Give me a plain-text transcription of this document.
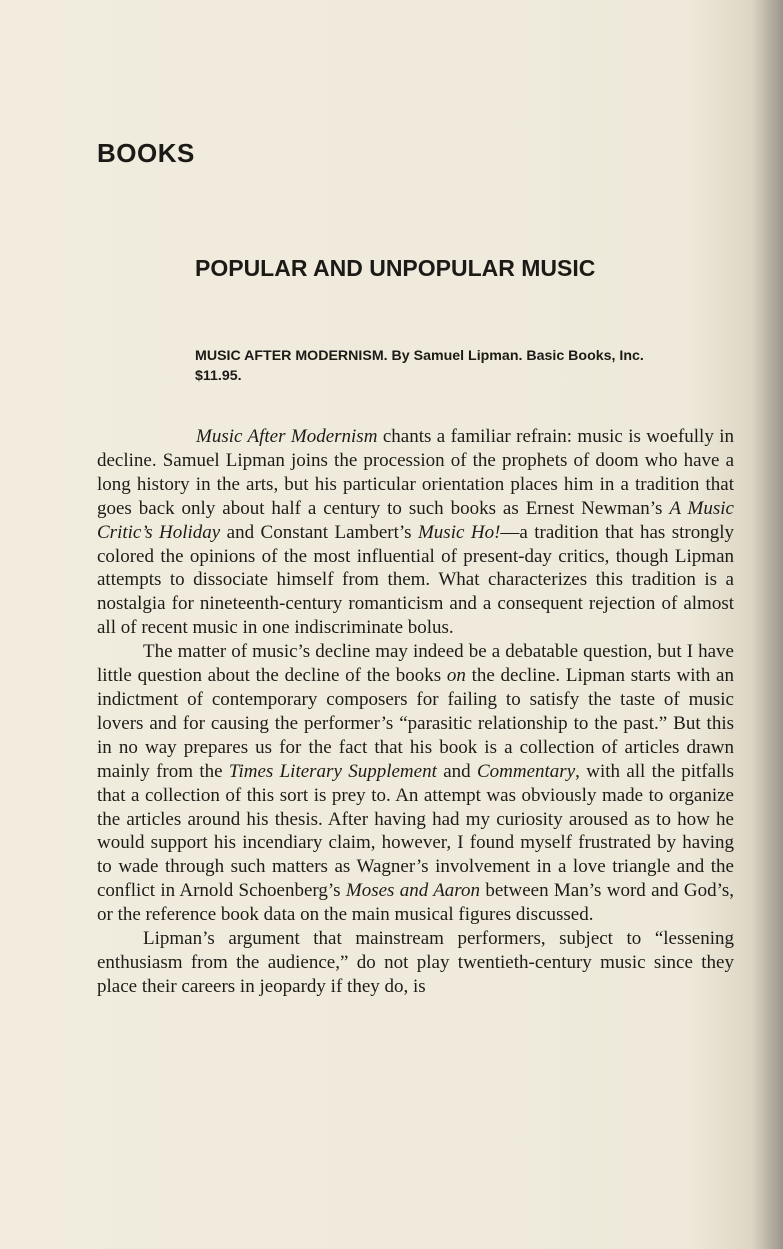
BOOKS
POPULAR AND UNPOPULAR MUSIC
MUSIC AFTER MODERNISM. By Samuel Lipman. Basic Books, Inc.
$11.95.

Music After Modernism chants a familiar refrain: music is woefully in decline. Samuel Lipman joins the procession of the prophets of doom who have a long history in the arts, but his particular orientation places him in a tradition that goes back only about half a century to such books as Ernest Newman’s A Music Critic’s Holiday and Constant Lambert’s Music Ho!—a tradition that has strongly colored the opinions of the most influential of present-day critics, though Lipman attempts to dissociate himself from them. What characterizes this tradition is a nostalgia for nineteenth-century romanticism and a consequent rejection of almost all of recent music in one indiscriminate bolus.

The matter of music’s decline may indeed be a debatable question, but I have little question about the decline of the books on the decline. Lipman starts with an indictment of contemporary composers for failing to satisfy the taste of music lovers and for causing the performer’s “parasitic relationship to the past.” But this in no way prepares us for the fact that his book is a collection of articles drawn mainly from the Times Literary Supplement and Commentary, with all the pitfalls that a collection of this sort is prey to. An attempt was obviously made to organize the articles around his thesis. After having had my curiosity aroused as to how he would support his incendiary claim, however, I found myself frustrated by having to wade through such matters as Wagner’s involvement in a love triangle and the conflict in Arnold Schoenberg’s Moses and Aaron between Man’s word and God’s, or the reference book data on the main musical figures discussed.

Lipman’s argument that mainstream performers, subject to “lessening enthusiasm from the audience,” do not play twentieth-century music since they place their careers in jeopardy if they do, is
